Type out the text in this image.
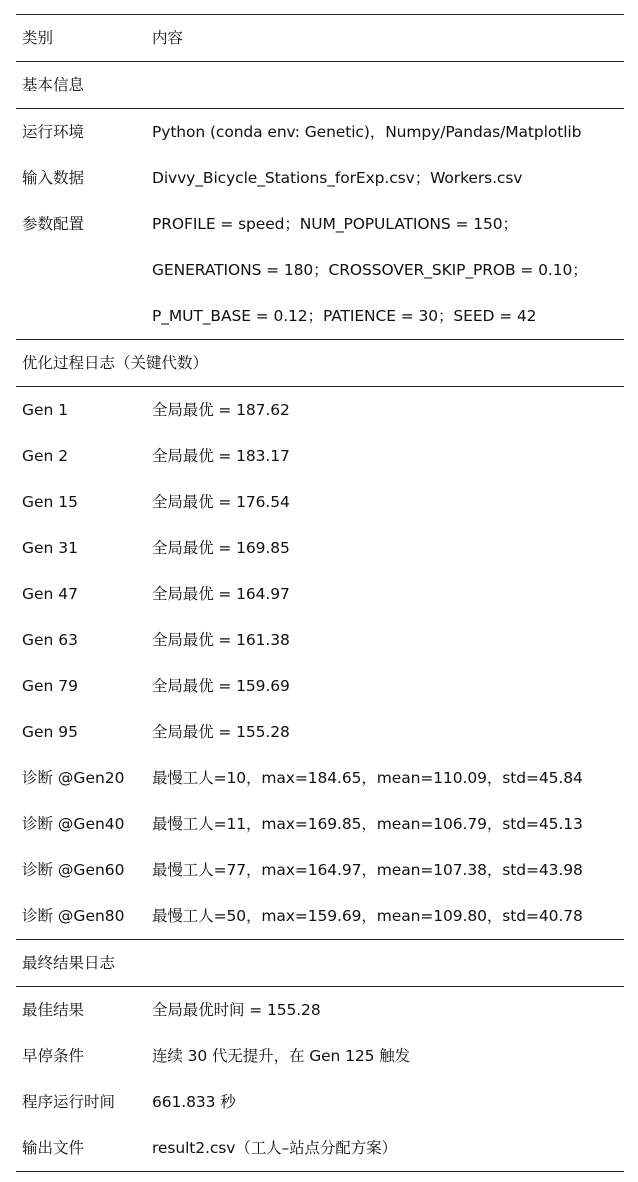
类别	内容
基本信息
运行环境	Python (conda env: Genetic)，Numpy/Pandas/Matplotlib
输入数据	Divvy_Bicycle_Stations_forExp.csv；Workers.csv
参数配置	PROFILE = speed；NUM_POPULATIONS = 150；
GENERATIONS = 180；CROSSOVER_SKIP_PROB = 0.10；
P_MUT_BASE = 0.12；PATIENCE = 30；SEED = 42
优化过程日志（关键代数）
Gen 1	全局最优 = 187.62
Gen 2	全局最优 = 183.17
Gen 15	全局最优 = 176.54
Gen 31	全局最优 = 169.85
Gen 47	全局最优 = 164.97
Gen 63	全局最优 = 161.38
Gen 79	全局最优 = 159.69
Gen 95	全局最优 = 155.28
诊断 @Gen20	最慢工人=10，max=184.65，mean=110.09，std=45.84
诊断 @Gen40	最慢工人=11，max=169.85，mean=106.79，std=45.13
诊断 @Gen60	最慢工人=77，max=164.97，mean=107.38，std=43.98
诊断 @Gen80	最慢工人=50，max=159.69，mean=109.80，std=40.78
最终结果日志
最佳结果	全局最优时间 = 155.28
早停条件	连续 30 代无提升，在 Gen 125 触发
程序运行时间	661.833 秒
输出文件	result2.csv（工人–站点分配方案）
